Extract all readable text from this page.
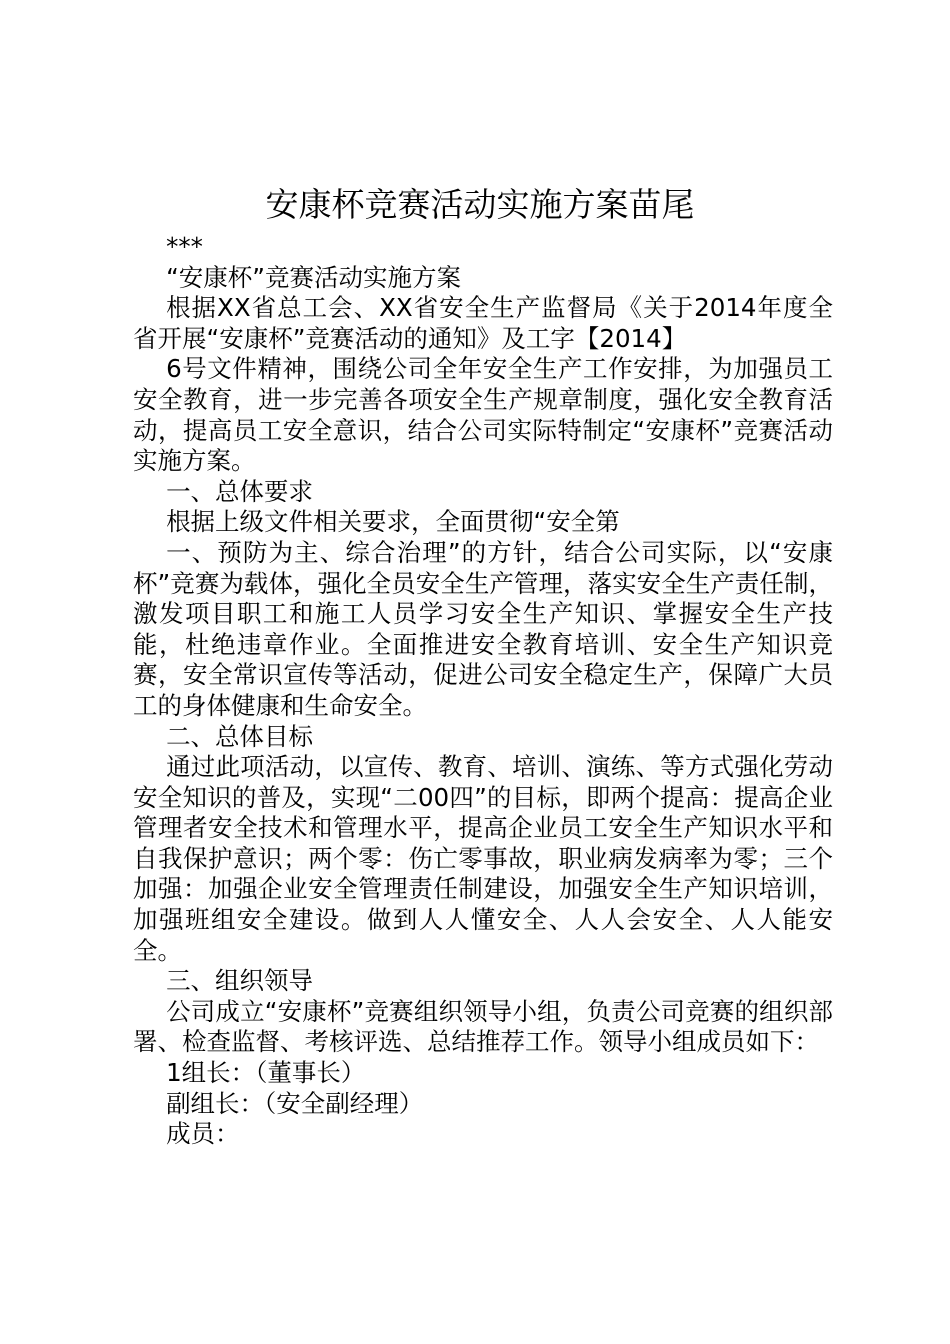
安康杯竞赛活动实施方案苗尾

***

“安康杯”竞赛活动实施方案

根据XX省总工会、XX省安全生产监督局《关于2014年度全省开展“安康杯”竞赛活动的通知》及工字【2014】

6号文件精神，围绕公司全年安全生产工作安排，为加强员工安全教育，进一步完善各项安全生产规章制度，强化安全教育活动，提高员工安全意识，结合公司实际特制定“安康杯”竞赛活动实施方案。

一、总体要求

根据上级文件相关要求，全面贯彻“安全第

一、预防为主、综合治理”的方针，结合公司实际，以“安康杯”竞赛为载体，强化全员安全生产管理，落实安全生产责任制，激发项目职工和施工人员学习安全生产知识、掌握安全生产技能，杜绝违章作业。全面推进安全教育培训、安全生产知识竞赛，安全常识宣传等活动，促进公司安全稳定生产，保障广大员工的身体健康和生命安全。

二、总体目标

通过此项活动，以宣传、教育、培训、演练、等方式强化劳动安全知识的普及，实现“二00四”的目标，即两个提高：提高企业管理者安全技术和管理水平，提高企业员工安全生产知识水平和自我保护意识；两个零：伤亡零事故，职业病发病率为零；三个加强：加强企业安全管理责任制建设，加强安全生产知识培训，加强班组安全建设。做到人人懂安全、人人会安全、人人能安全。

三、组织领导

公司成立“安康杯”竞赛组织领导小组，负责公司竞赛的组织部署、检查监督、考核评选、总结推荐工作。领导小组成员如下：

1组长：（董事长）

副组长：（安全副经理）

成员：
